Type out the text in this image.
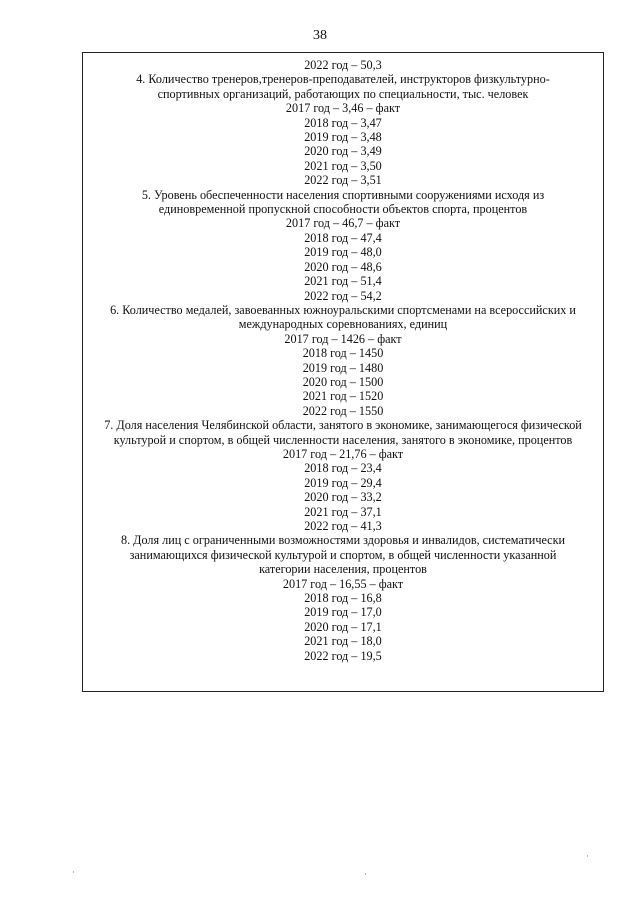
38
2022 год – 50,3
4. Количество тренеров,тренеров-преподавателей, инструкторов физкультурно-спортивных организаций, работающих по специальности, тыс. человек
2017 год – 3,46 – факт
2018 год – 3,47
2019 год – 3,48
2020 год – 3,49
2021 год – 3,50
2022 год – 3,51
5. Уровень обеспеченности населения спортивными сооружениями исходя из единовременной пропускной способности объектов спорта, процентов
2017 год – 46,7 – факт
2018 год – 47,4
2019 год – 48,0
2020 год – 48,6
2021 год – 51,4
2022 год – 54,2
6. Количество медалей, завоеванных южноуральскими спортсменами на всероссийских и международных соревнованиях, единиц
2017 год – 1426 – факт
2018 год – 1450
2019 год – 1480
2020 год – 1500
2021 год – 1520
2022 год – 1550
7. Доля населения Челябинской области, занятого в экономике, занимающегося физической культурой и спортом, в общей численности населения, занятого в экономике, процентов
2017 год – 21,76 – факт
2018 год – 23,4
2019 год – 29,4
2020 год – 33,2
2021 год – 37,1
2022 год – 41,3
8. Доля лиц с ограниченными возможностями здоровья и инвалидов, систематически занимающихся физической культурой и спортом, в общей численности указанной категории населения, процентов
2017 год – 16,55 – факт
2018 год – 16,8
2019 год – 17,0
2020 год – 17,1
2021 год – 18,0
2022 год – 19,5
·	·
·
